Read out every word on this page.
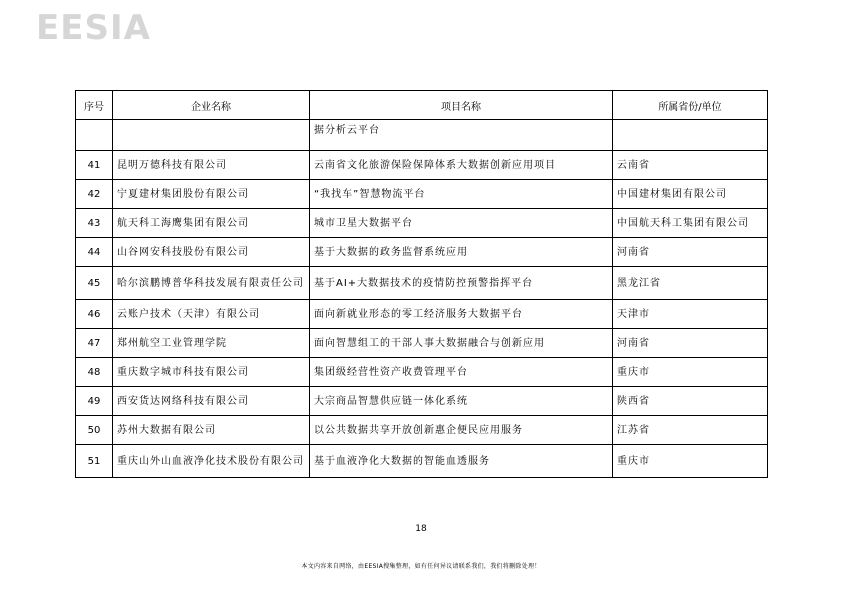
EESIA
序号	企业名称	项目名称	所属省份/单位
		据分析云平台	
41	昆明万德科技有限公司	云南省文化旅游保险保障体系大数据创新应用项目	云南省
42	宁夏建材集团股份有限公司	“我找车”智慧物流平台	中国建材集团有限公司
43	航天科工海鹰集团有限公司	城市卫星大数据平台	中国航天科工集团有限公司
44	山谷网安科技股份有限公司	基于大数据的政务监督系统应用	河南省
45	哈尔滨鹏博普华科技发展有限责任公司	基于AI+大数据技术的疫情防控预警指挥平台	黑龙江省
46	云账户技术（天津）有限公司	面向新就业形态的零工经济服务大数据平台	天津市
47	郑州航空工业管理学院	面向智慧组工的干部人事大数据融合与创新应用	河南省
48	重庆数字城市科技有限公司	集团级经营性资产收费管理平台	重庆市
49	西安货达网络科技有限公司	大宗商品智慧供应链一体化系统	陕西省
50	苏州大数据有限公司	以公共数据共享开放创新惠企便民应用服务	江苏省
51	重庆山外山血液净化技术股份有限公司	基于血液净化大数据的智能血透服务	重庆市
18
本文内容来自网络，由EESIA搜集整理，如有任何异议请联系我们，我们将删除处理！
